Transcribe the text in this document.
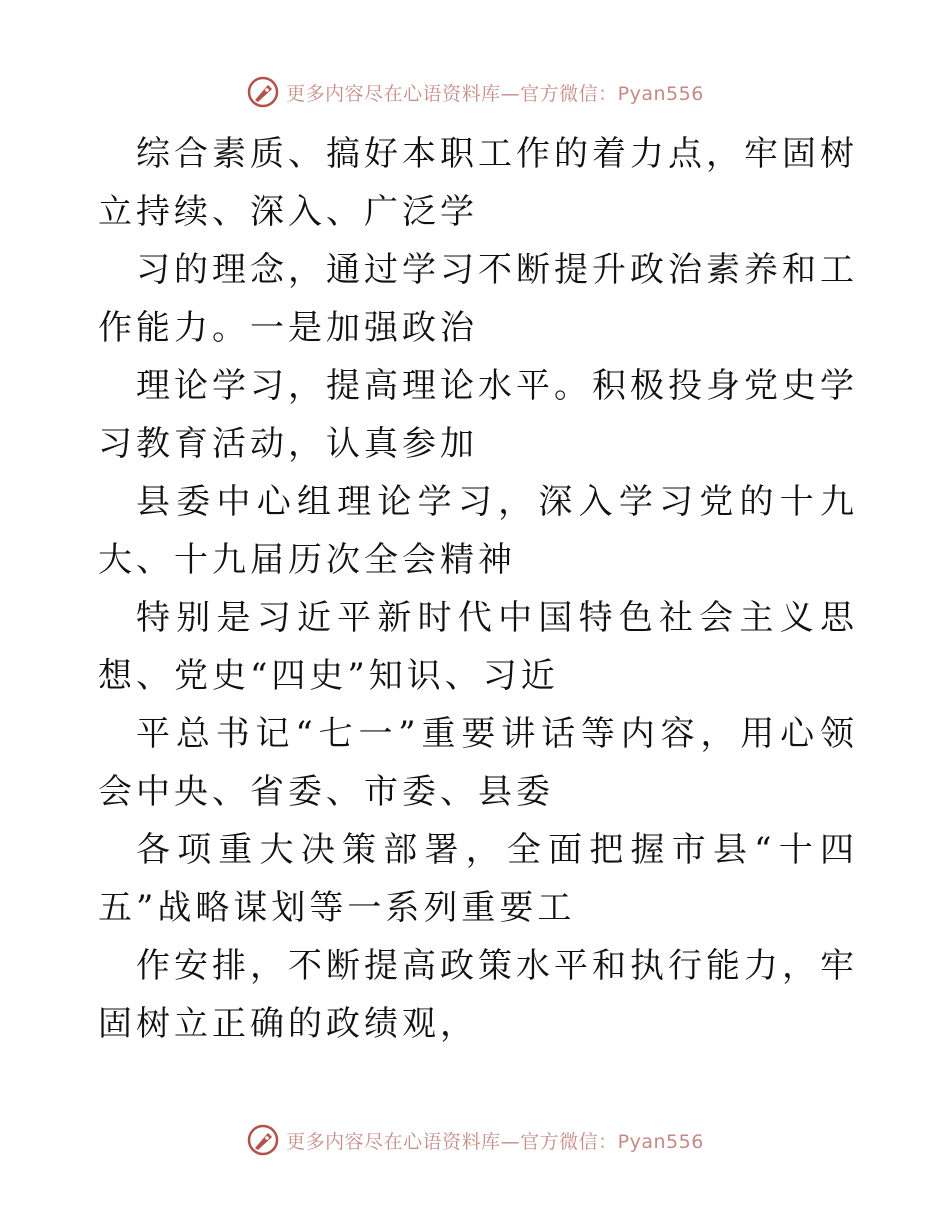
更多内容尽在心语资料库—官方微信：Pyan556

综合素质、搞好本职工作的着力点，牢固树立持续、深入、广泛学

习的理念，通过学习不断提升政治素养和工作能力。一是加强政治

理论学习，提高理论水平。积极投身党史学习教育活动，认真参加

县委中心组理论学习，深入学习党的十九大、十九届历次全会精神

特别是习近平新时代中国特色社会主义思想、党史“四史”知识、习近

平总书记“七一”重要讲话等内容，用心领会中央、省委、市委、县委

各项重大决策部署，全面把握市县“十四五”战略谋划等一系列重要工

作安排，不断提高政策水平和执行能力，牢固树立正确的政绩观，

更多内容尽在心语资料库—官方微信：Pyan556
